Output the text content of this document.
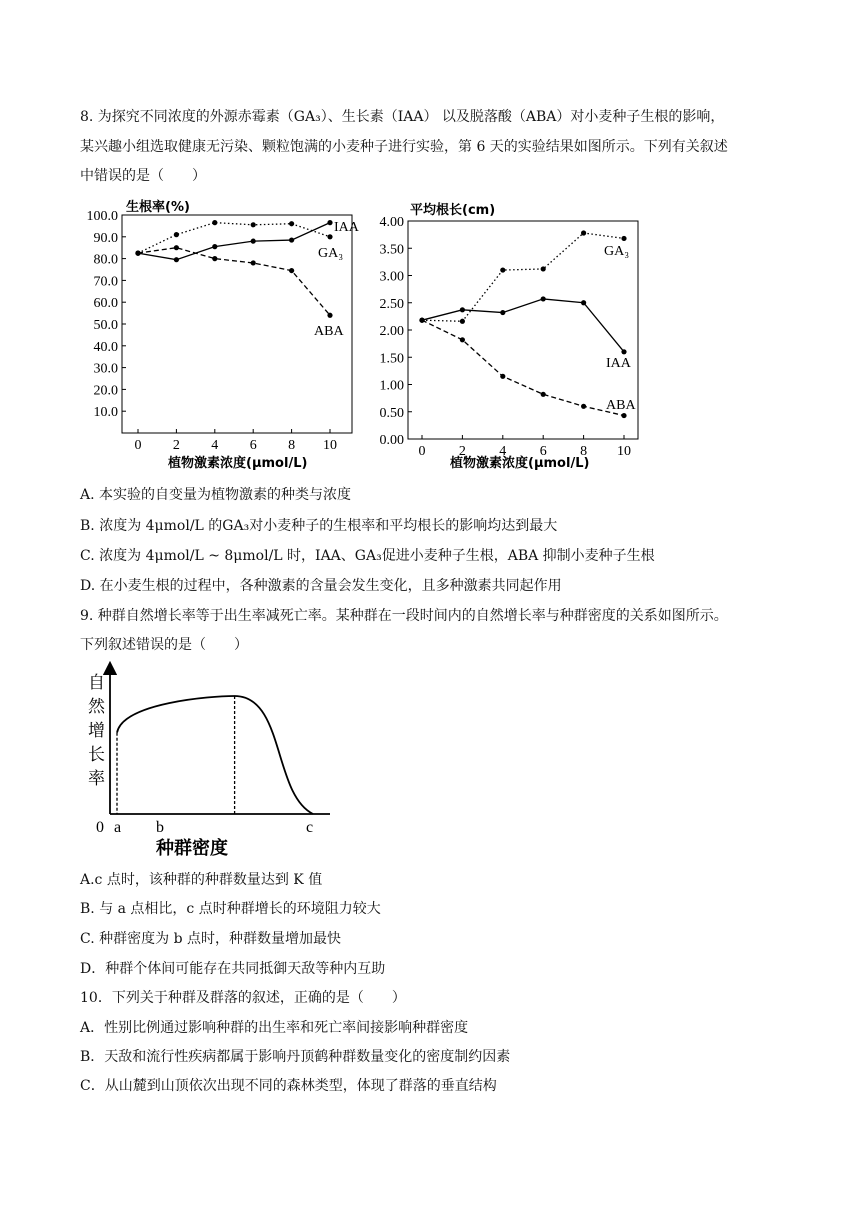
8. 为探究不同浓度的外源赤霉素（GA₃）、生长素（IAA） 以及脱落酸（ABA）对小麦种子生根的影响，
某兴趣小组选取健康无污染、颗粒饱满的小麦种子进行实验，第 6 天的实验结果如图所示。下列有关叙述
中错误的是（　　）
生根率(%)
10.0
20.0
30.0
40.0
50.0
60.0
70.0
80.0
90.0
100.0
0 2 4 6 8 10
IAA
GA₃
ABA
植物激素浓度(μmol/L)
平均根长(cm)
0.00
0.50
1.00
1.50
2.00
2.50
3.00
3.50
4.00
0 2 4 6 8 10
GA₃
IAA
ABA
植物激素浓度(μmol/L)
A. 本实验的自变量为植物激素的种类与浓度
B. 浓度为 4μmol/L 的GA₃对小麦种子的生根率和平均根长的影响均达到最大
C. 浓度为 4μmol/L ~ 8μmol/L 时，IAA、GA₃促进小麦种子生根，ABA 抑制小麦种子生根
D. 在小麦生根的过程中，各种激素的含量会发生变化，且多种激素共同起作用
9. 种群自然增长率等于出生率减死亡率。某种群在一段时间内的自然增长率与种群密度的关系如图所示。
下列叙述错误的是（　　）
自
然
增
长
率
0 a b	c
种群密度
A.c 点时，该种群的种群数量达到 K 值
B. 与 a 点相比，c 点时种群增长的环境阻力较大
C. 种群密度为 b 点时，种群数量增加最快
D．种群个体间可能存在共同抵御天敌等种内互助
10．下列关于种群及群落的叙述，正确的是（　　）
A．性别比例通过影响种群的出生率和死亡率间接影响种群密度
B．天敌和流行性疾病都属于影响丹顶鹤种群数量变化的密度制约因素
C．从山麓到山顶依次出现不同的森林类型，体现了群落的垂直结构
